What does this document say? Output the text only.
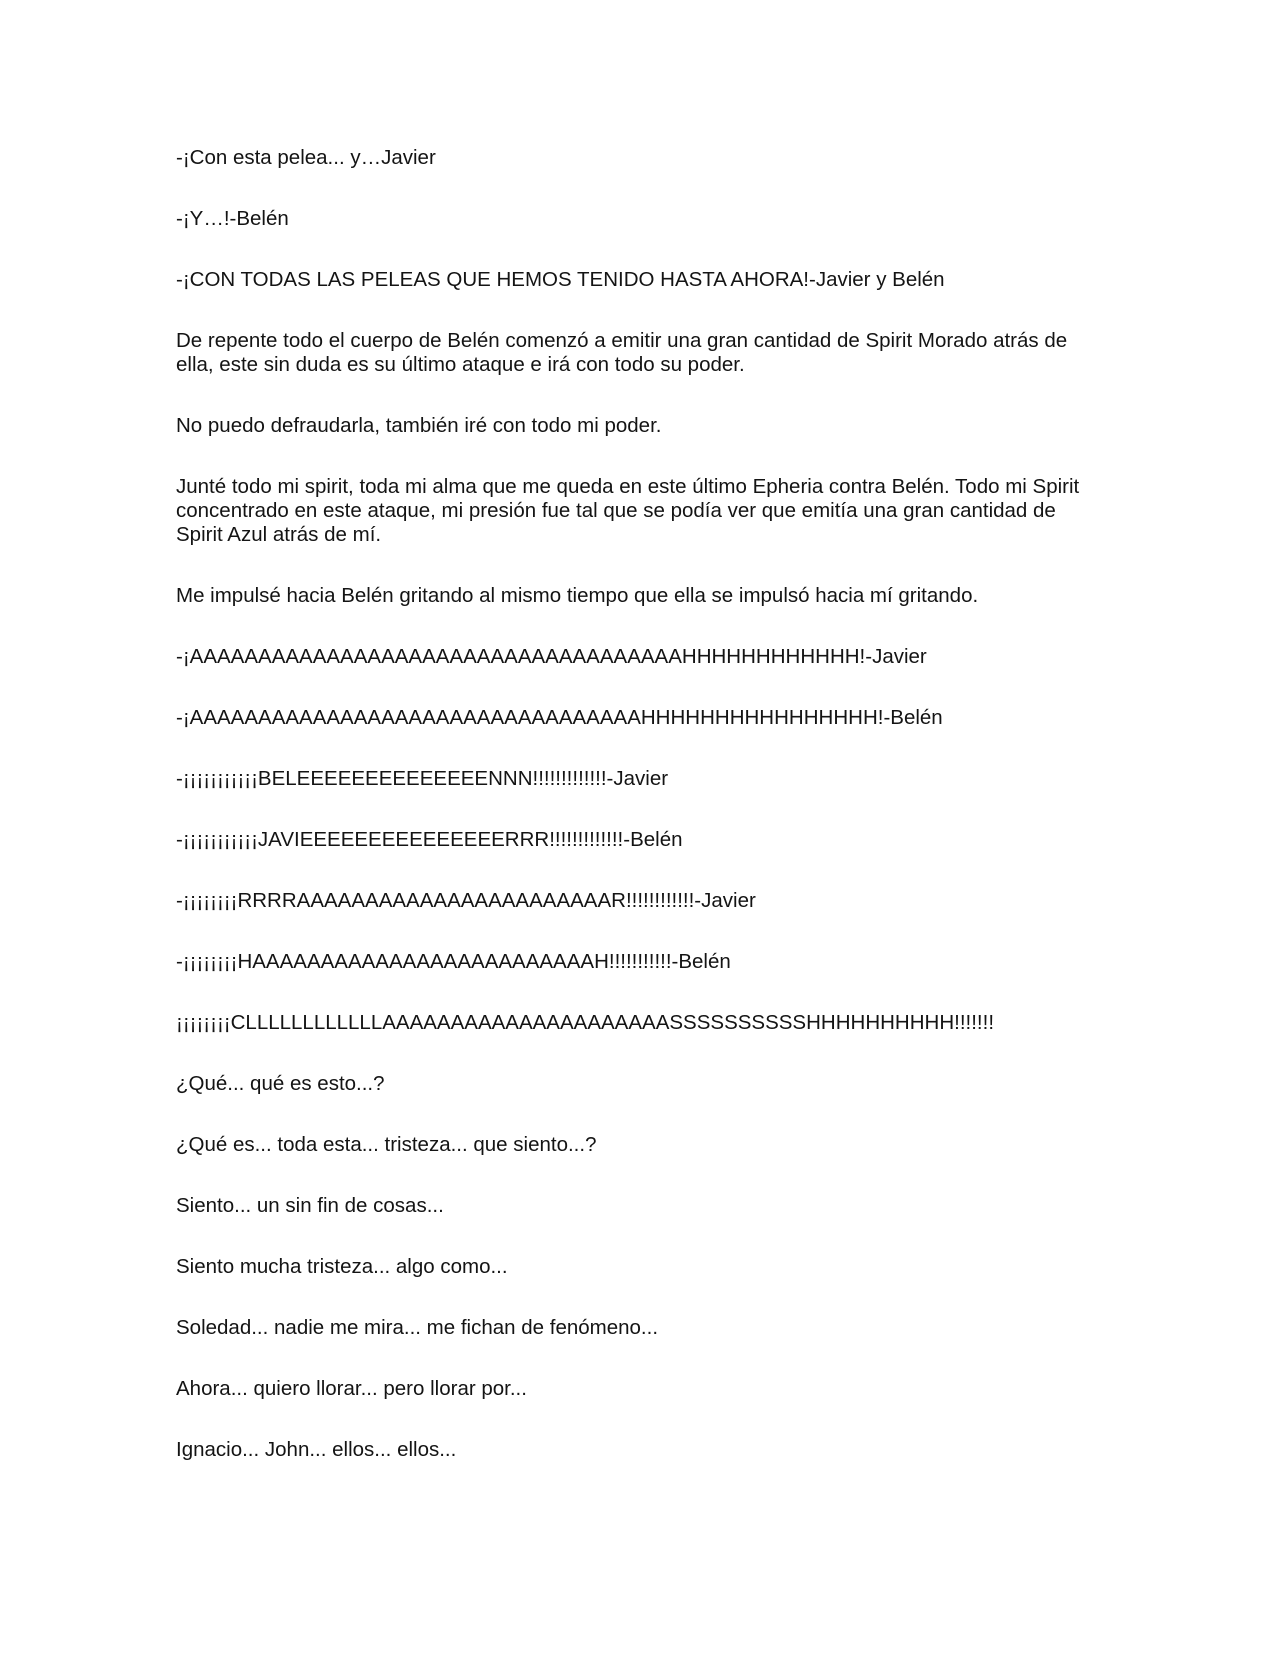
-¡Con esta pelea... y…Javier

-¡Y…!-Belén

-¡CON TODAS LAS PELEAS QUE HEMOS TENIDO HASTA AHORA!-Javier y Belén

De repente todo el cuerpo de Belén comenzó a emitir una gran cantidad de Spirit Morado atrás de
ella, este sin duda es su último ataque e irá con todo su poder.

No puedo defraudarla, también iré con todo mi poder.

Junté todo mi spirit, toda mi alma que me queda en este último Epheria contra Belén. Todo mi Spirit
concentrado en este ataque, mi presión fue tal que se podía ver que emitía una gran cantidad de
Spirit Azul atrás de mí.

Me impulsé hacia Belén gritando al mismo tiempo que ella se impulsó hacia mí gritando.

-¡AAAAAAAAAAAAAAAAAAAAAAAAAAAAAAAAAAAAHHHHHHHHHHHH!-Javier

-¡AAAAAAAAAAAAAAAAAAAAAAAAAAAAAAAAAHHHHHHHHHHHHHHHH!-Belén

-¡¡¡¡¡¡¡¡¡¡¡BELEEEEEEEEEEEEEENNN!!!!!!!!!!!!!-Javier

-¡¡¡¡¡¡¡¡¡¡¡JAVIEEEEEEEEEEEEEEERRR!!!!!!!!!!!!!-Belén

-¡¡¡¡¡¡¡¡RRRRAAAAAAAAAAAAAAAAAAAAAAAR!!!!!!!!!!!!-Javier

-¡¡¡¡¡¡¡¡HAAAAAAAAAAAAAAAAAAAAAAAAAH!!!!!!!!!!!-Belén

¡¡¡¡¡¡¡¡CLLLLLLLLLLLLAAAAAAAAAAAAAAAAAAAAASSSSSSSSSSHHHHHHHHHH!!!!!!!

¿Qué... qué es esto...?

¿Qué es... toda esta... tristeza... que siento...?

Siento... un sin fin de cosas...

Siento mucha tristeza... algo como...

Soledad... nadie me mira... me fichan de fenómeno...

Ahora... quiero llorar... pero llorar por...

Ignacio... John... ellos... ellos...
